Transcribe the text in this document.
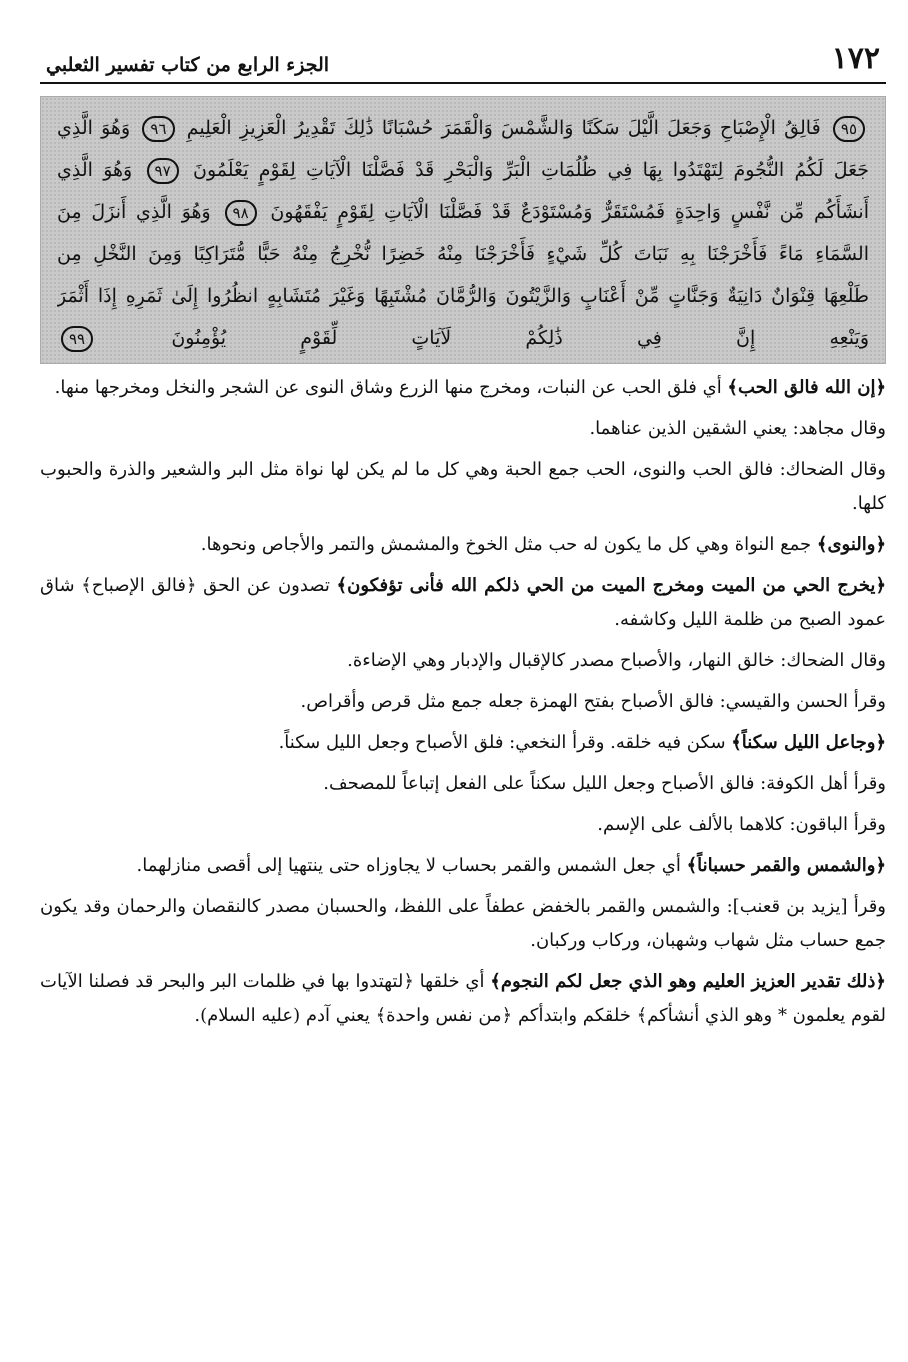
١٧٢
الجزء الرابع من كتاب تفسير الثعلبي
٩٥ فَالِقُ الْإِصْبَاحِ وَجَعَلَ الَّيْلَ سَكَنًا وَالشَّمْسَ وَالْقَمَرَ حُسْبَانًا ذَٰلِكَ تَقْدِيرُ الْعَزِيزِ الْعَلِيمِ ٩٦ وَهُوَ الَّذِي
جَعَلَ لَكُمُ النُّجُومَ لِتَهْتَدُوا بِهَا فِي ظُلُمَاتِ الْبَرِّ وَالْبَحْرِ قَدْ فَصَّلْنَا الْآيَاتِ لِقَوْمٍ يَعْلَمُونَ ٩٧ وَهُوَ الَّذِي
أَنشَأَكُم مِّن نَّفْسٍ وَاحِدَةٍ فَمُسْتَقَرٌّ وَمُسْتَوْدَعٌ قَدْ فَصَّلْنَا الْآيَاتِ لِقَوْمٍ يَفْقَهُونَ ٩٨ وَهُوَ الَّذِي أَنزَلَ مِنَ
السَّمَاءِ مَاءً فَأَخْرَجْنَا بِهِ نَبَاتَ كُلِّ شَيْءٍ فَأَخْرَجْنَا مِنْهُ خَضِرًا نُّخْرِجُ مِنْهُ حَبًّا مُّتَرَاكِبًا وَمِنَ النَّخْلِ مِن
طَلْعِهَا قِنْوَانٌ دَانِيَةٌ وَجَنَّاتٍ مِّنْ أَعْنَابٍ وَالزَّيْتُونَ وَالرُّمَّانَ مُشْتَبِهًا وَغَيْرَ مُتَشَابِهٍ انظُرُوا إِلَىٰ ثَمَرِهِ إِذَا أَثْمَرَ
وَيَنْعِهِ إِنَّ فِي ذَٰلِكُمْ لَآيَاتٍ لِّقَوْمٍ يُؤْمِنُونَ ٩٩

﴿إن الله فالق الحب﴾ أي فلق الحب عن النبات، ومخرج منها الزرع وشاق النوى عن الشجر والنخل ومخرجها منها.

وقال مجاهد: يعني الشقين الذين عناهما.

وقال الضحاك: فالق الحب والنوى، الحب جمع الحبة وهي كل ما لم يكن لها نواة مثل البر والشعير والذرة والحبوب كلها.

﴿والنوى﴾ جمع النواة وهي كل ما يكون له حب مثل الخوخ والمشمش والتمر والأجاص ونحوها.

﴿يخرج الحي من الميت ومخرج الميت من الحي ذلكم الله فأنى تؤفكون﴾ تصدون عن الحق ﴿فالق الإصباح﴾ شاق عمود الصبح من ظلمة الليل وكاشفه.

وقال الضحاك: خالق النهار، والأصباح مصدر كالإقبال والإدبار وهي الإضاءة.

وقرأ الحسن والقيسي: فالق الأصباح بفتح الهمزة جعله جمع مثل قرص وأقراص.

﴿وجاعل الليل سكناً﴾ سكن فيه خلقه. وقرأ النخعي: فلق الأصباح وجعل الليل سكناً.

وقرأ أهل الكوفة: فالق الأصباح وجعل الليل سكناً على الفعل إتباعاً للمصحف.

وقرأ الباقون: كلاهما بالألف على الإسم.

﴿والشمس والقمر حسباناً﴾ أي جعل الشمس والقمر بحساب لا يجاوزاه حتى ينتهيا إلى أقصى منازلهما.

وقرأ [يزيد بن قعنب]: والشمس والقمر بالخفض عطفاً على اللفظ، والحسبان مصدر كالنقصان والرحمان وقد يكون جمع حساب مثل شهاب وشهبان، وركاب وركبان.

﴿ذلك تقدير العزيز العليم وهو الذي جعل لكم النجوم﴾ أي خلقها ﴿لتهتدوا بها في ظلمات البر والبحر قد فصلنا الآيات لقوم يعلمون * وهو الذي أنشأكم﴾ خلقكم وابتدأكم ﴿من نفس واحدة﴾ يعني آدم (عليه السلام).
